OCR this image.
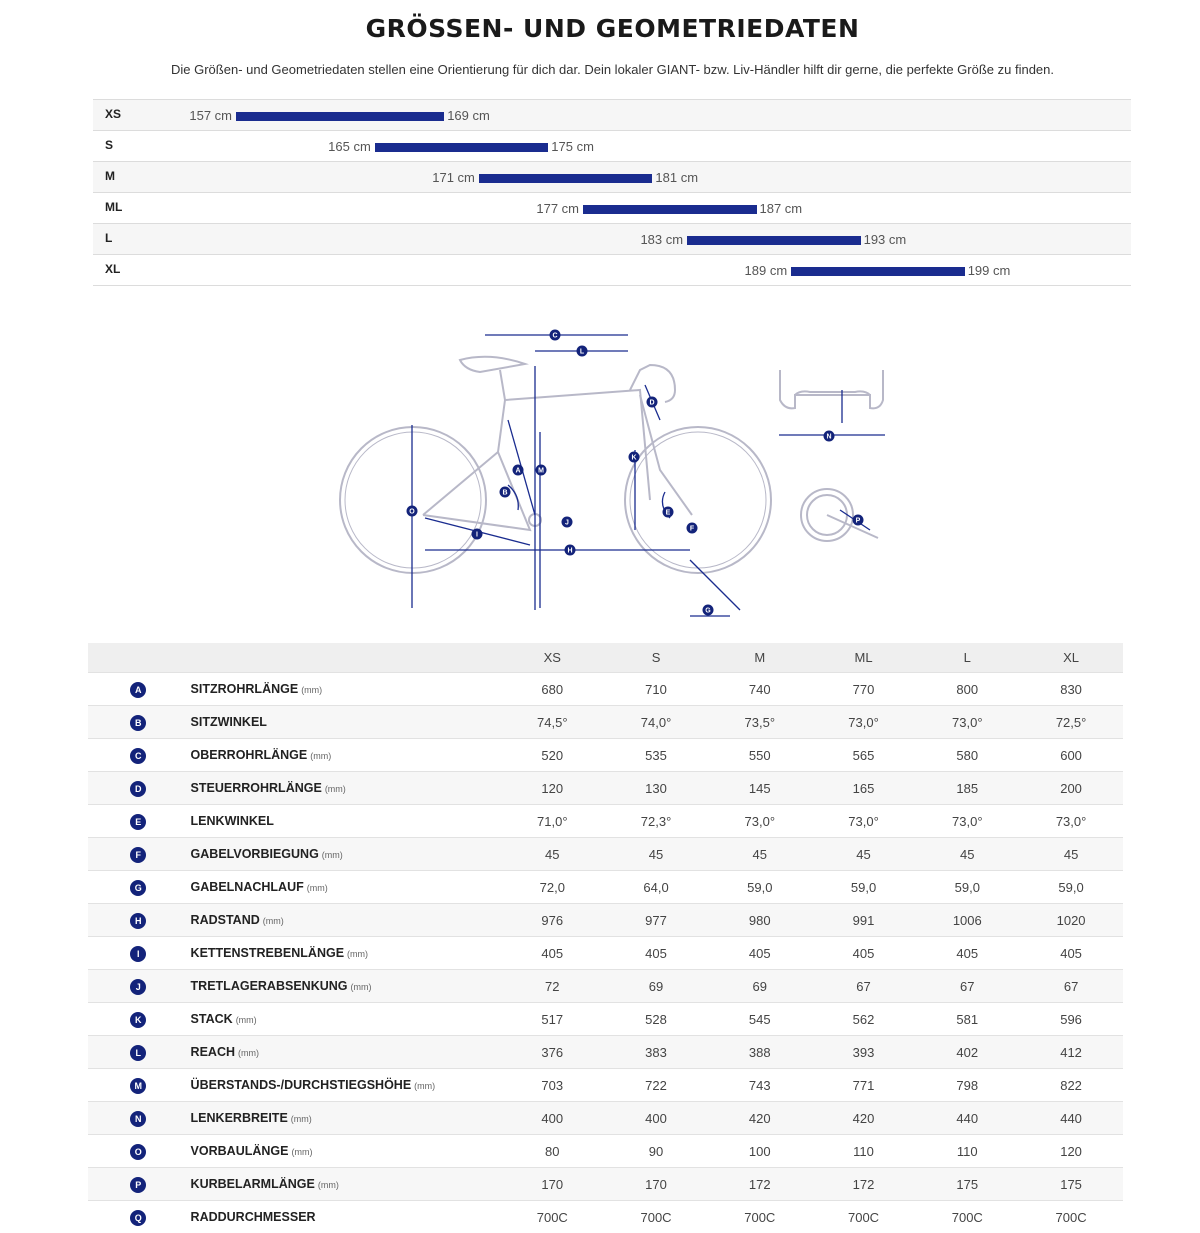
GRÖSSEN- UND GEOMETRIEDATEN
Die Größen- und Geometriedaten stellen eine Orientierung für dich dar. Dein lokaler GIANT- bzw. Liv-Händler hilft dir gerne, die perfekte Größe zu finden.
XS	157 cm	169 cm
S	165 cm	175 cm
M	171 cm	181 cm
ML	177 cm	187 cm
L	183 cm	193 cm
XL	189 cm	199 cm
A
B
C
D
E
F
G
H
I
J
K
L
M
N
O
P
		XS	S	M	ML	L	XL
A	SITZROHRLÄNGE (mm)	680	710	740	770	800	830
B	SITZWINKEL	74,5°	74,0°	73,5°	73,0°	73,0°	72,5°
C	OBERROHRLÄNGE (mm)	520	535	550	565	580	600
D	STEUERROHRLÄNGE (mm)	120	130	145	165	185	200
E	LENKWINKEL	71,0°	72,3°	73,0°	73,0°	73,0°	73,0°
F	GABELVORBIEGUNG (mm)	45	45	45	45	45	45
G	GABELNACHLAUF (mm)	72,0	64,0	59,0	59,0	59,0	59,0
H	RADSTAND (mm)	976	977	980	991	1006	1020
I	KETTENSTREBENLÄNGE (mm)	405	405	405	405	405	405
J	TRETLAGERABSENKUNG (mm)	72	69	69	67	67	67
K	STACK (mm)	517	528	545	562	581	596
L	REACH (mm)	376	383	388	393	402	412
M	ÜBERSTANDS-/DURCHSTIEGSHÖHE (mm)	703	722	743	771	798	822
N	LENKERBREITE (mm)	400	400	420	420	440	440
O	VORBAULÄNGE (mm)	80	90	100	110	110	120
P	KURBELARMLÄNGE (mm)	170	170	172	172	175	175
Q	RADDURCHMESSER	700C	700C	700C	700C	700C	700C
